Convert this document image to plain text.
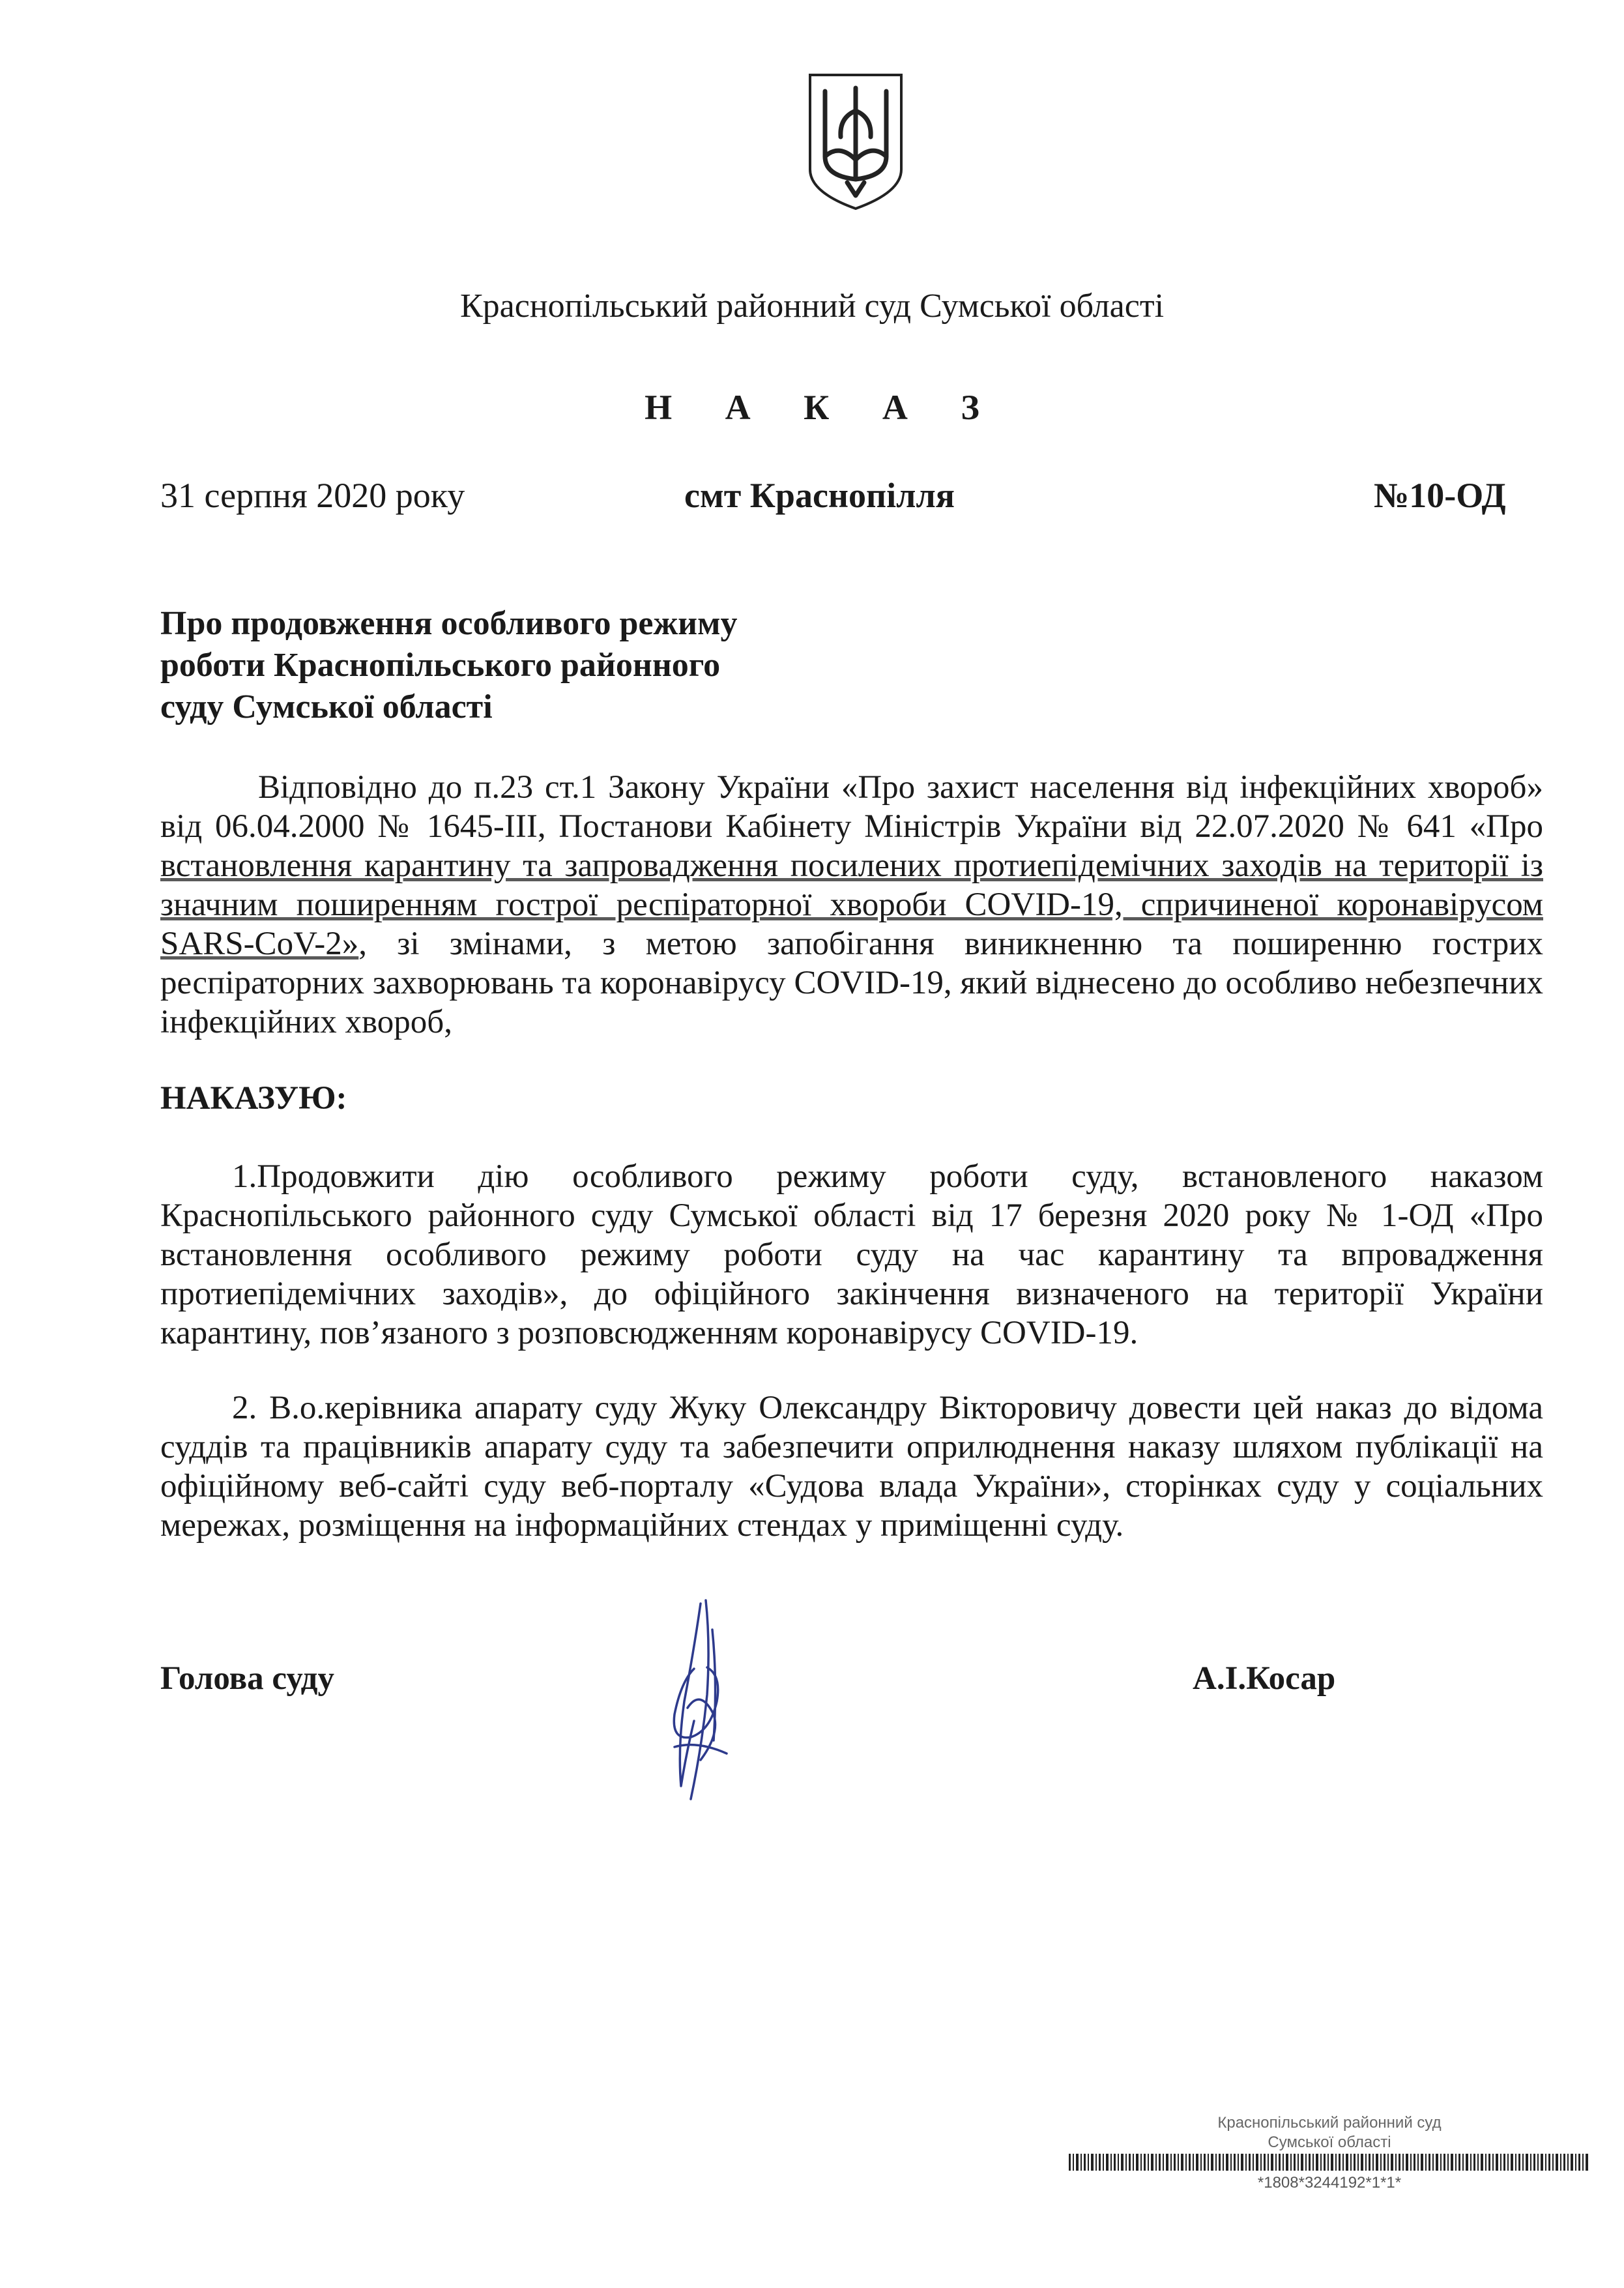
Краснопільський районний суд Сумської області
Н А К А З
31 серпня 2020 року	смт Краснопілля	№10-ОД
Про продовження особливого режиму
роботи Краснопільського районного
суду Сумської області
Відповідно до п.23 ст.1 Закону України «Про захист населення від інфекційних хвороб» від 06.04.2000 № 1645-ІІІ, Постанови Кабінету Міністрів України від 22.07.2020 № 641 «Про встановлення карантину та запровадження посилених протиепідемічних заходів на території із значним поширенням гострої респіраторної хвороби COVID-19, спричиненої коронавірусом SARS-CoV-2», зі змінами, з метою запобігання виникненню та поширенню гострих респіраторних захворювань та коронавірусу COVID-19, який віднесено до особливо небезпечних інфекційних хвороб,
НАКАЗУЮ:
1.Продовжити дію особливого режиму роботи суду, встановленого наказом Краснопільського районного суду Сумської області від 17 березня 2020 року № 1-ОД «Про встановлення особливого режиму роботи суду на час карантину та впровадження протиепідемічних заходів», до офіційного закінчення визначеного на території України карантину, пов’язаного з розповсюдженням коронавірусу COVID-19.
2. В.о.керівника апарату суду Жуку Олександру Вікторовичу довести цей наказ до відома суддів та працівників апарату суду та забезпечити оприлюднення наказу шляхом публікації на офіційному веб-сайті суду веб-порталу «Судова влада України», сторінках суду у соціальних мережах, розміщення на інформаційних стендах у приміщенні суду.
Голова суду	А.І.Косар
Краснопільський районний суд
Сумської області
*1808*3244192*1*1*
